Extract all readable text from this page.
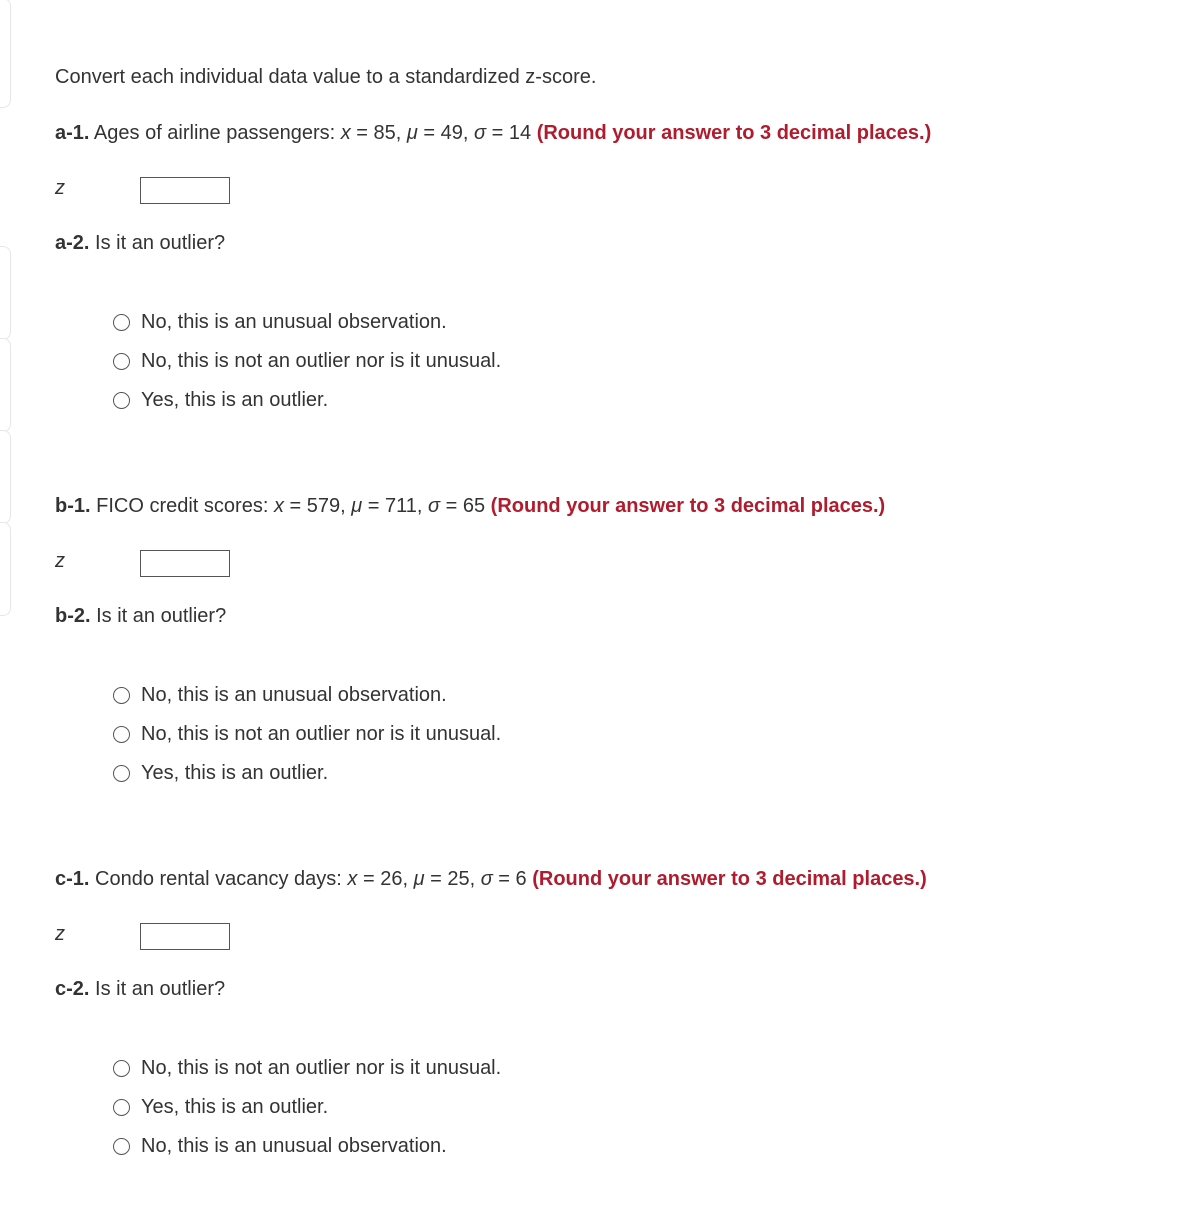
Convert each individual data value to a standardized z-score.
a-1. Ages of airline passengers: x = 85, μ = 49, σ = 14 (Round your answer to 3 decimal places.)
z
a-2. Is it an outlier?
No, this is an unusual observation.
No, this is not an outlier nor is it unusual.
Yes, this is an outlier.
b-1. FICO credit scores: x = 579, μ = 711, σ = 65 (Round your answer to 3 decimal places.)
z
b-2. Is it an outlier?
No, this is an unusual observation.
No, this is not an outlier nor is it unusual.
Yes, this is an outlier.
c-1. Condo rental vacancy days: x = 26, μ = 25, σ = 6 (Round your answer to 3 decimal places.)
z
c-2. Is it an outlier?
No, this is not an outlier nor is it unusual.
Yes, this is an outlier.
No, this is an unusual observation.
